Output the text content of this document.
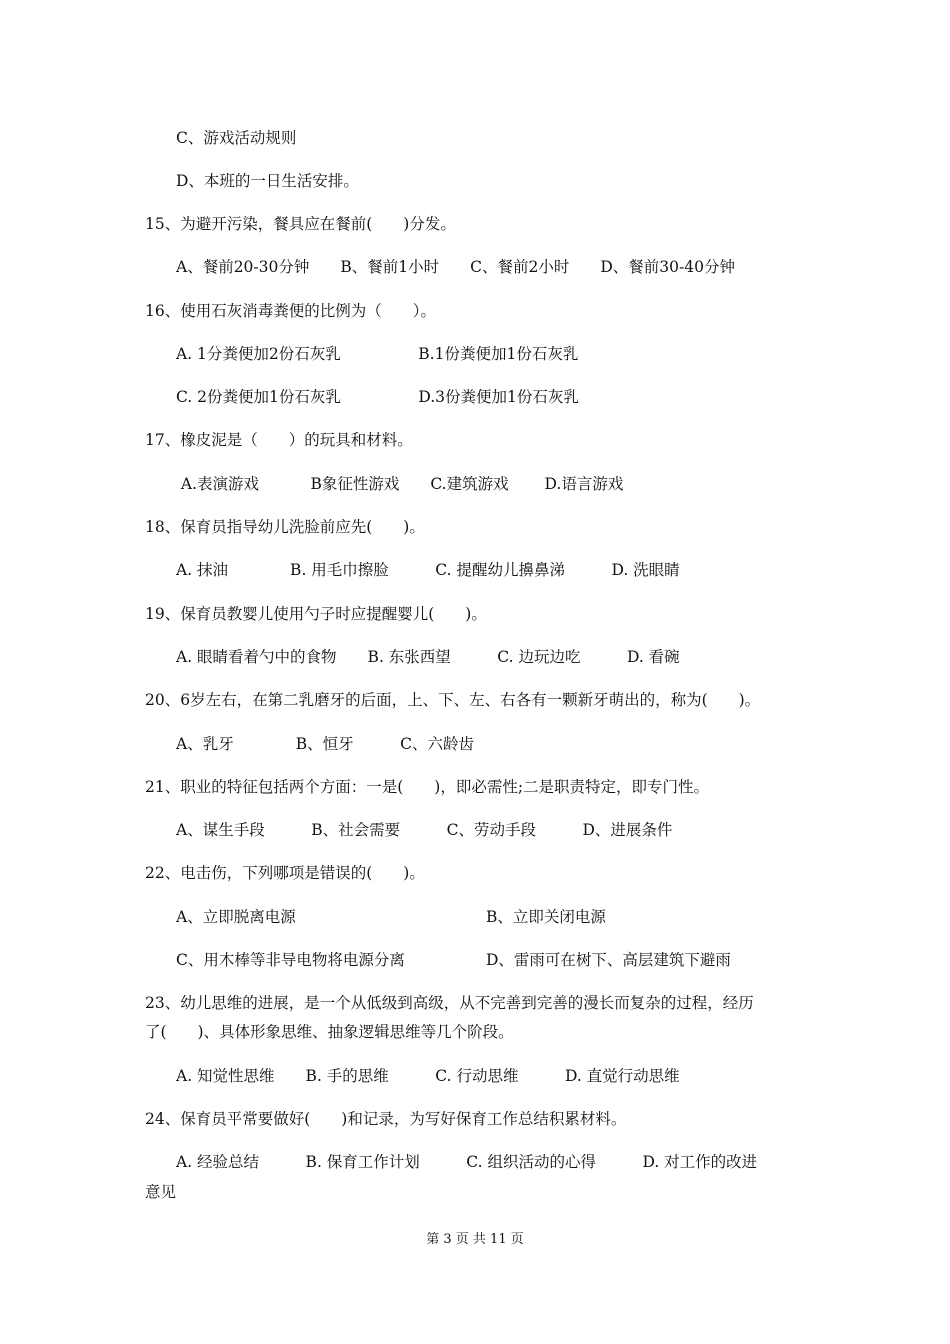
C、游戏活动规则
D、本班的一日生活安排。
15、为避开污染，餐具应在餐前(　　)分发。
A、餐前20-30分钟　　B、餐前1小时　　C、餐前2小时　　D、餐前30-40分钟
16、使用石灰消毒粪便的比例为（　　）。
A. 1分粪便加2份石灰乳　　　　　B.1份粪便加1份石灰乳
C. 2份粪便加1份石灰乳　　　　　D.3份粪便加1份石灰乳
17、橡皮泥是（　　）的玩具和材料。
A.表演游戏　　　 B象征性游戏　　C.建筑游戏　　 D.语言游戏
18、保育员指导幼儿洗脸前应先(　　)。
A. 抹油　　　　B. 用毛巾擦脸　　　C. 提醒幼儿擤鼻涕　　　D. 洗眼睛
19、保育员教婴儿使用勺子时应提醒婴儿(　　)。
A. 眼睛看着勺中的食物　　B. 东张西望　　　C. 边玩边吃　　　D. 看碗
20、6岁左右，在第二乳磨牙的后面，上、下、左、右各有一颗新牙萌出的，称为(　　)。
A、乳牙　　　　B、恒牙　　　C、六龄齿
21、职业的特征包括两个方面：一是(　　)，即必需性;二是职责特定，即专门性。
A、谋生手段　　　B、社会需要　　　C、劳动手段　　　D、进展条件
22、电击伤，下列哪项是错误的(　　)。
A、立即脱离电源	B、立即关闭电源
C、用木棒等非导电物将电源分离	D、雷雨可在树下、高层建筑下避雨
23、幼儿思维的进展，是一个从低级到高级，从不完善到完善的漫长而复杂的过程，经历
了(　　)、具体形象思维、抽象逻辑思维等几个阶段。
A. 知觉性思维　　B. 手的思维　　　C. 行动思维　　　D. 直觉行动思维
24、保育员平常要做好(　　)和记录，为写好保育工作总结积累材料。
A. 经验总结　　　B. 保育工作计划　　　C. 组织活动的心得　　　D. 对工作的改进
意见
第 3 页 共 11 页
